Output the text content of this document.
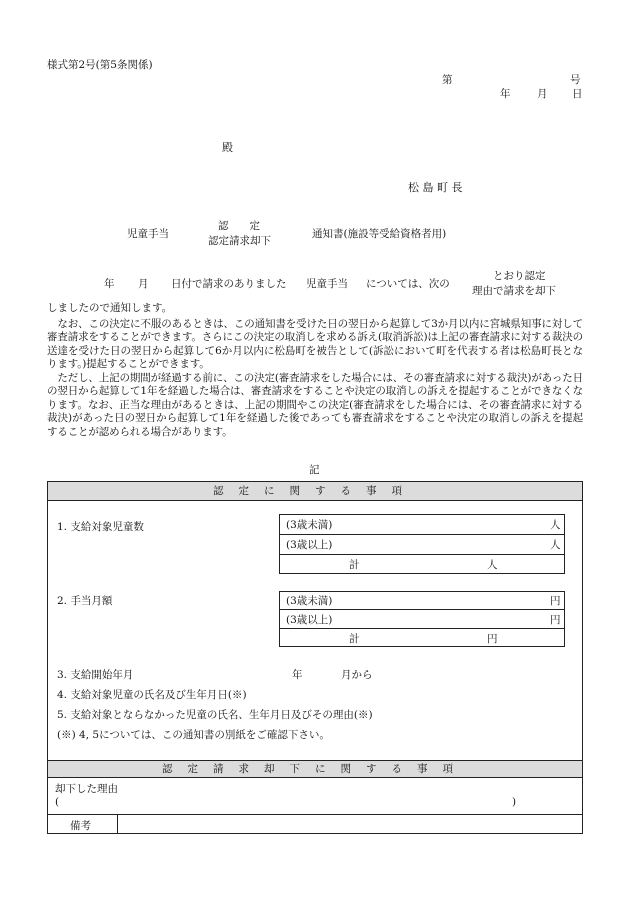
様式第2号(第5条関係)
第	号
年	月 日
殿
松 島 町 長
児童手当
認　　定
認定請求却下
通知書(施設等受給資格者用)
年 月 日付で請求のありました 児童手当 については、次の
とおり認定
理由で請求を却下
しましたので通知します。
　なお、この決定に不服のあるときは、この通知書を受けた日の翌日から起算して3か月以内に宮城県知事に対して審査請求をすることができます。さらにこの決定の取消しを求める訴え(取消訴訟)は上記の審査請求に対する裁決の送達を受けた日の翌日から起算して6か月以内に松島町を被告として(訴訟において町を代表する者は松島町長となります。)提起することができます。
　ただし、上記の期間が経過する前に、この決定(審査請求をした場合には、その審査請求に対する裁決)があった日の翌日から起算して1年を経過した場合は、審査請求をすることや決定の取消しの訴えを提起することができなくなります。なお、正当な理由があるときは、上記の期間やこの決定(審査請求をした場合には、その審査請求に対する裁決)があった日の翌日から起算して1年を経過した後であっても審査請求をすることや決定の取消しの訴えを提起することが認められる場合があります。
記
認定に関する事項
1. 支給対象児童数	(3歳未満)	人
(3歳以上)	人
計	人
2. 手当月額	(3歳未満)	円
(3歳以上)	円
計	円
3. 支給開始年月	年	月から
4. 支給対象児童の氏名及び生年月日(※)
5. 支給対象とならなかった児童の氏名、生年月日及びその理由(※)
(※) 4, 5については、この通知書の別紙をご確認下さい。
認定請求却下に関する事項
却下した理由
(	)
備考
